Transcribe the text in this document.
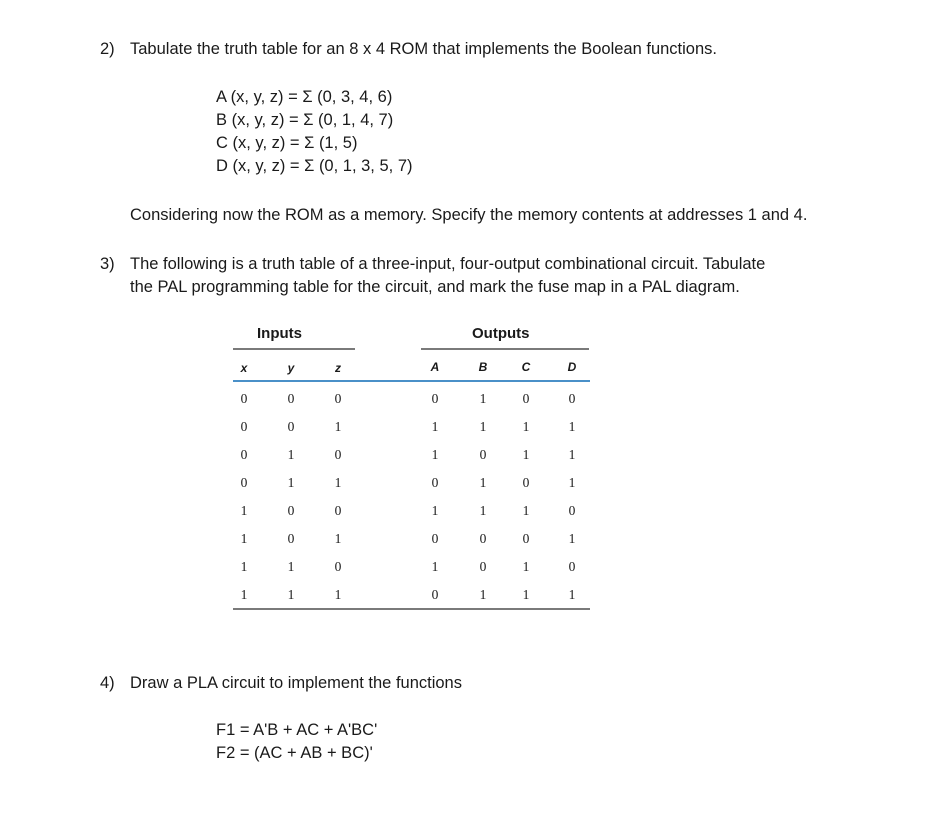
2) Tabulate the truth table for an 8 x 4 ROM that implements the Boolean functions.
A (x, y, z) = Σ (0, 3, 4, 6)
B (x, y, z) = Σ (0, 1, 4, 7)
C (x, y, z) = Σ (1, 5)
D (x, y, z) = Σ (0, 1, 3, 5, 7)
Considering now the ROM as a memory. Specify the memory contents at addresses 1 and 4.
3) The following is a truth table of a three-input, four-output combinational circuit. Tabulate
the PAL programming table for the circuit, and mark the fuse map in a PAL diagram.
Inputs	Outputs
x	y	z	A	B	C	D
0	0	0	0	1	0	0
0	0	1	1	1	1	1
0	1	0	1	0	1	1
0	1	1	0	1	0	1
1	0	0	1	1	1	0
1	0	1	0	0	0	1
1	1	0	1	0	1	0
1	1	1	0	1	1	1
4) Draw a PLA circuit to implement the functions
F1 = A'B + AC + A'BC'
F2 = (AC + AB + BC)'
